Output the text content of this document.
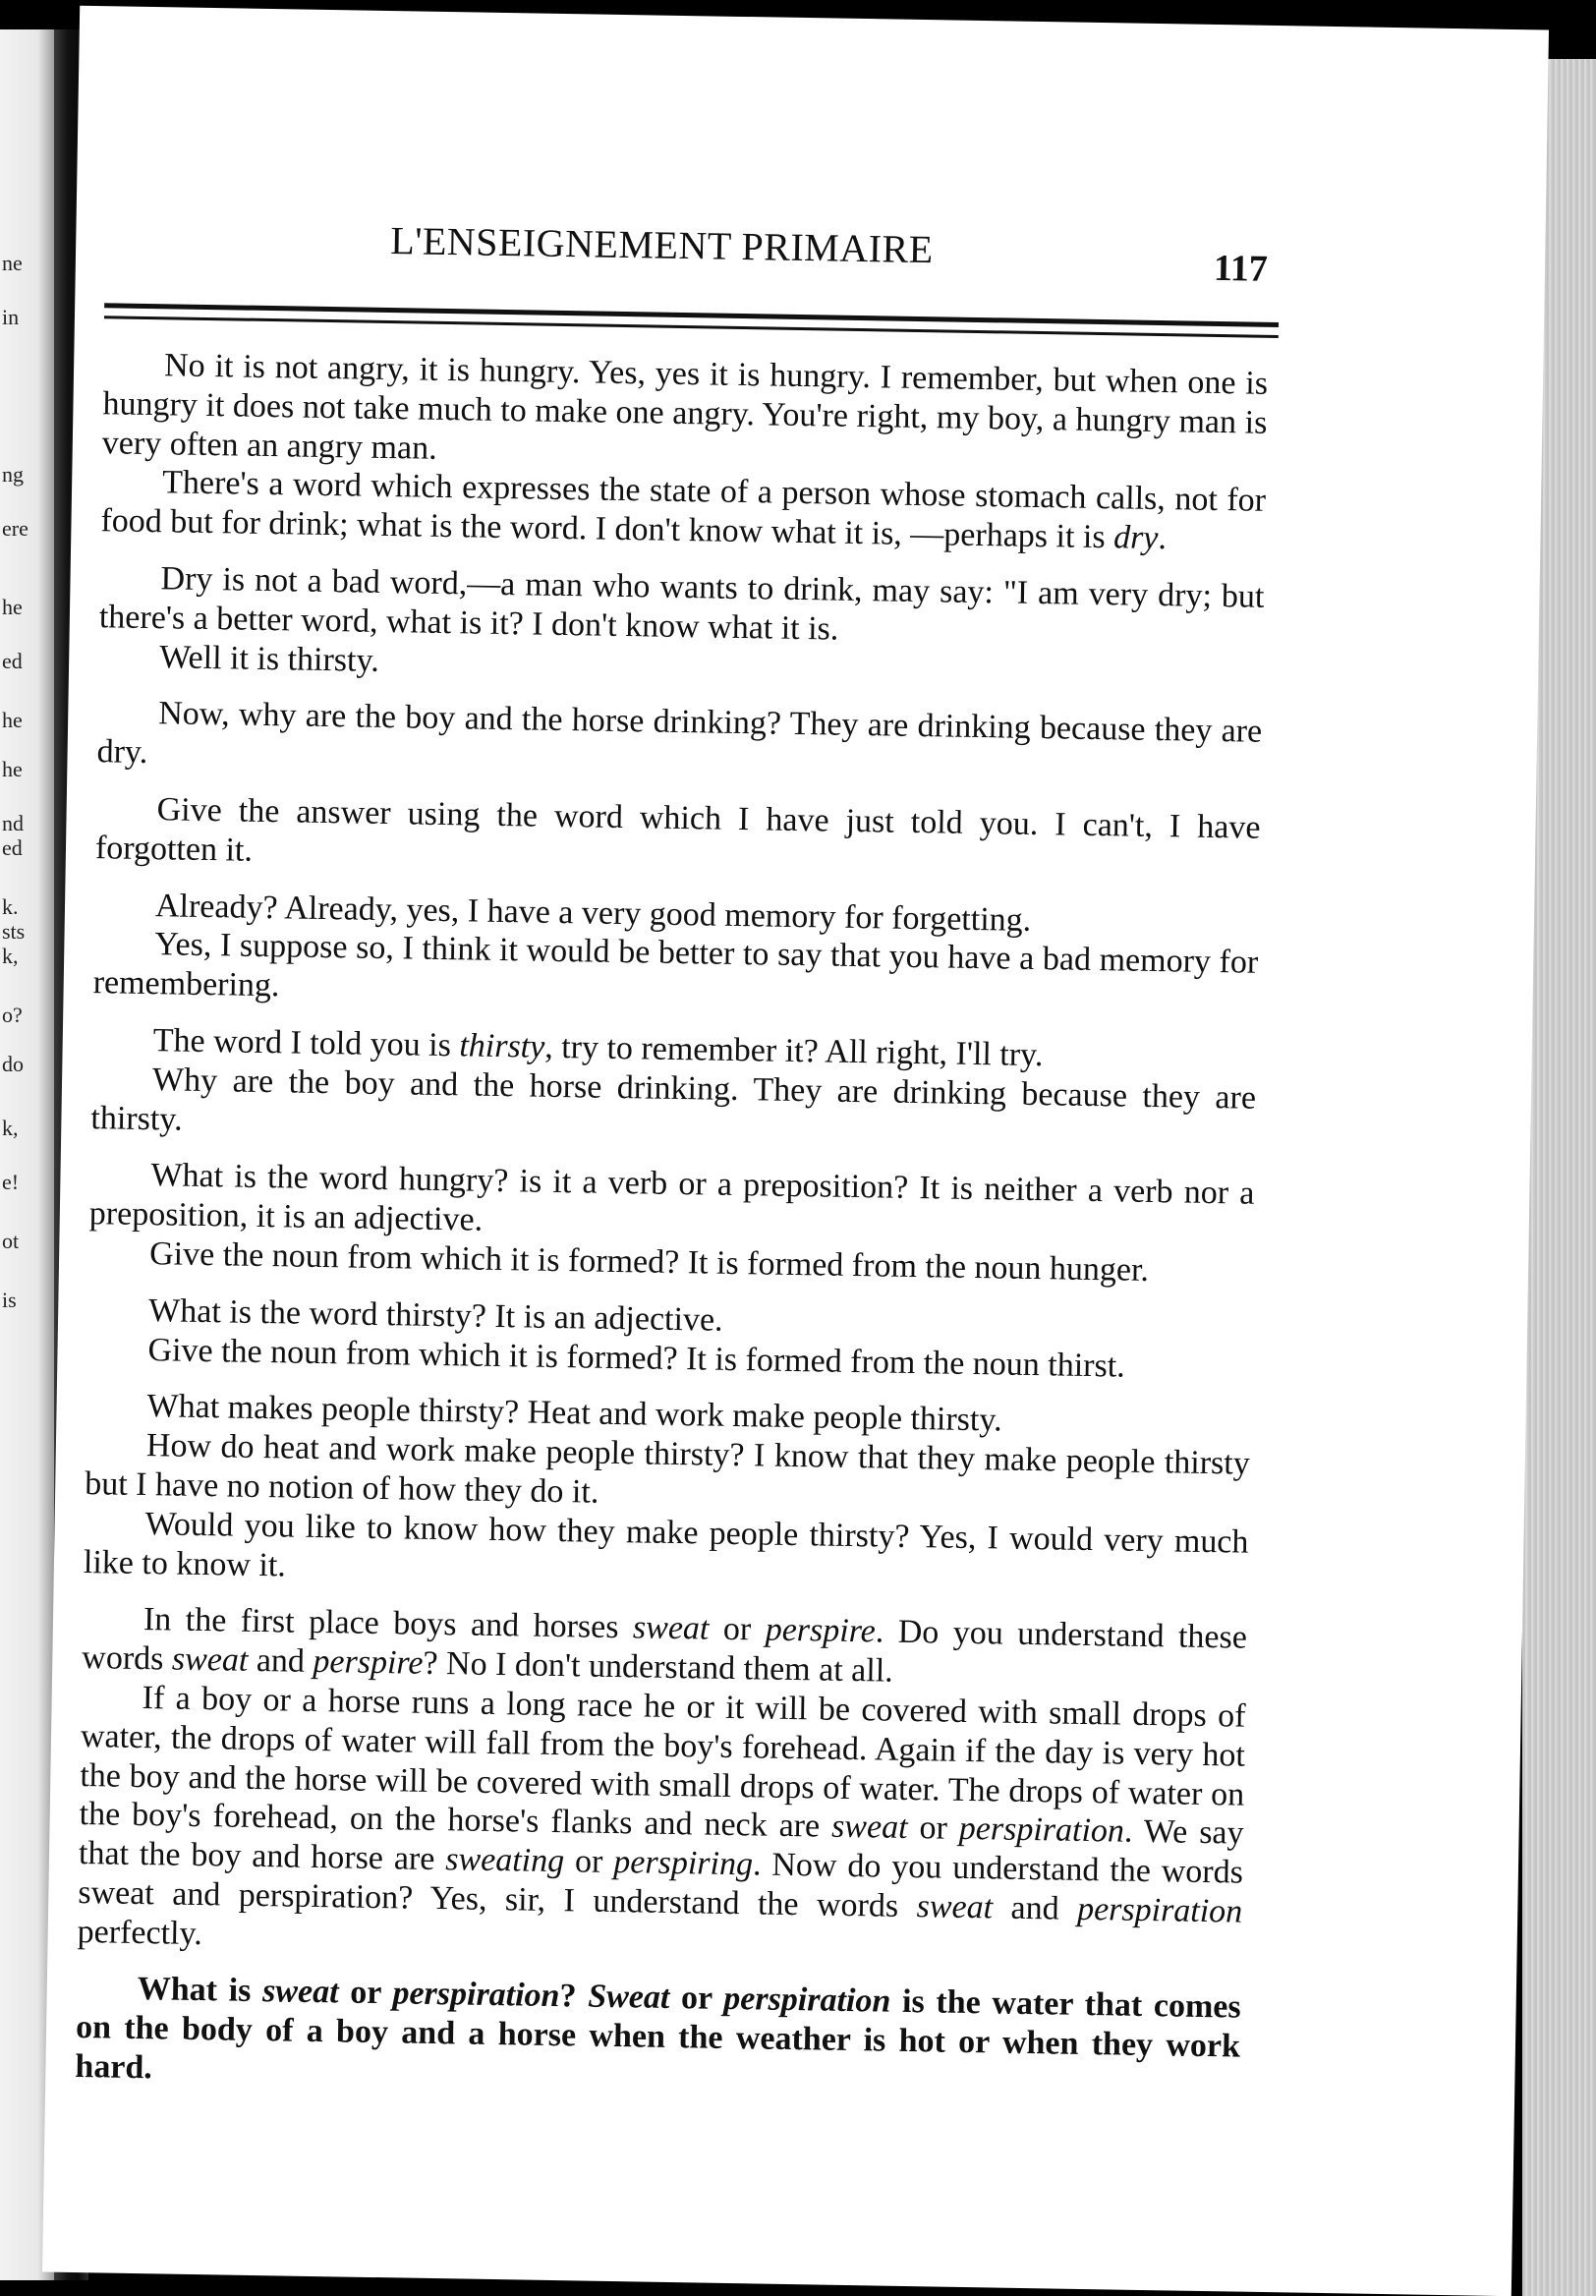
ne
in
ng
ere
he
ed
he
he
nd
ed
k.
sts
k,
o?
do
k,
e!
ot
is
L'ENSEIGNEMENT PRIMAIRE	117

No it is not angry, it is hungry. Yes, yes it is hungry. I remember, but when one is hungry it does not take much to make one angry. You're right, my boy, a hungry man is very often an angry man.

There's a word which expresses the state of a person whose stomach calls, not for food but for drink; what is the word. I don't know what it is, —perhaps it is dry.

Dry is not a bad word,—a man who wants to drink, may say: "I am very dry; but there's a better word, what is it? I don't know what it is.

Well it is thirsty.

Now, why are the boy and the horse drinking? They are drinking because they are dry.

Give the answer using the word which I have just told you. I can't, I have forgotten it.

Already? Already, yes, I have a very good memory for forgetting.

Yes, I suppose so, I think it would be better to say that you have a bad memory for remembering.

The word I told you is thirsty, try to remember it? All right, I'll try.

Why are the boy and the horse drinking. They are drinking because they are thirsty.

What is the word hungry? is it a verb or a preposition? It is neither a verb nor a preposition, it is an adjective.

Give the noun from which it is formed? It is formed from the noun hunger.

What is the word thirsty? It is an adjective.

Give the noun from which it is formed? It is formed from the noun thirst.

What makes people thirsty? Heat and work make people thirsty.

How do heat and work make people thirsty? I know that they make people thirsty but I have no notion of how they do it.

Would you like to know how they make people thirsty? Yes, I would very much like to know it.

In the first place boys and horses sweat or perspire. Do you understand these words sweat and perspire? No I don't understand them at all.

If a boy or a horse runs a long race he or it will be covered with small drops of water, the drops of water will fall from the boy's forehead. Again if the day is very hot the boy and the horse will be covered with small drops of water. The drops of water on the boy's forehead, on the horse's flanks and neck are sweat or perspiration. We say that the boy and horse are sweating or perspiring. Now do you understand the words sweat and perspiration? Yes, sir, I understand the words sweat and perspiration perfectly.

What is sweat or perspiration? Sweat or perspiration is the water that comes on the body of a boy and a horse when the weather is hot or when they work hard.
